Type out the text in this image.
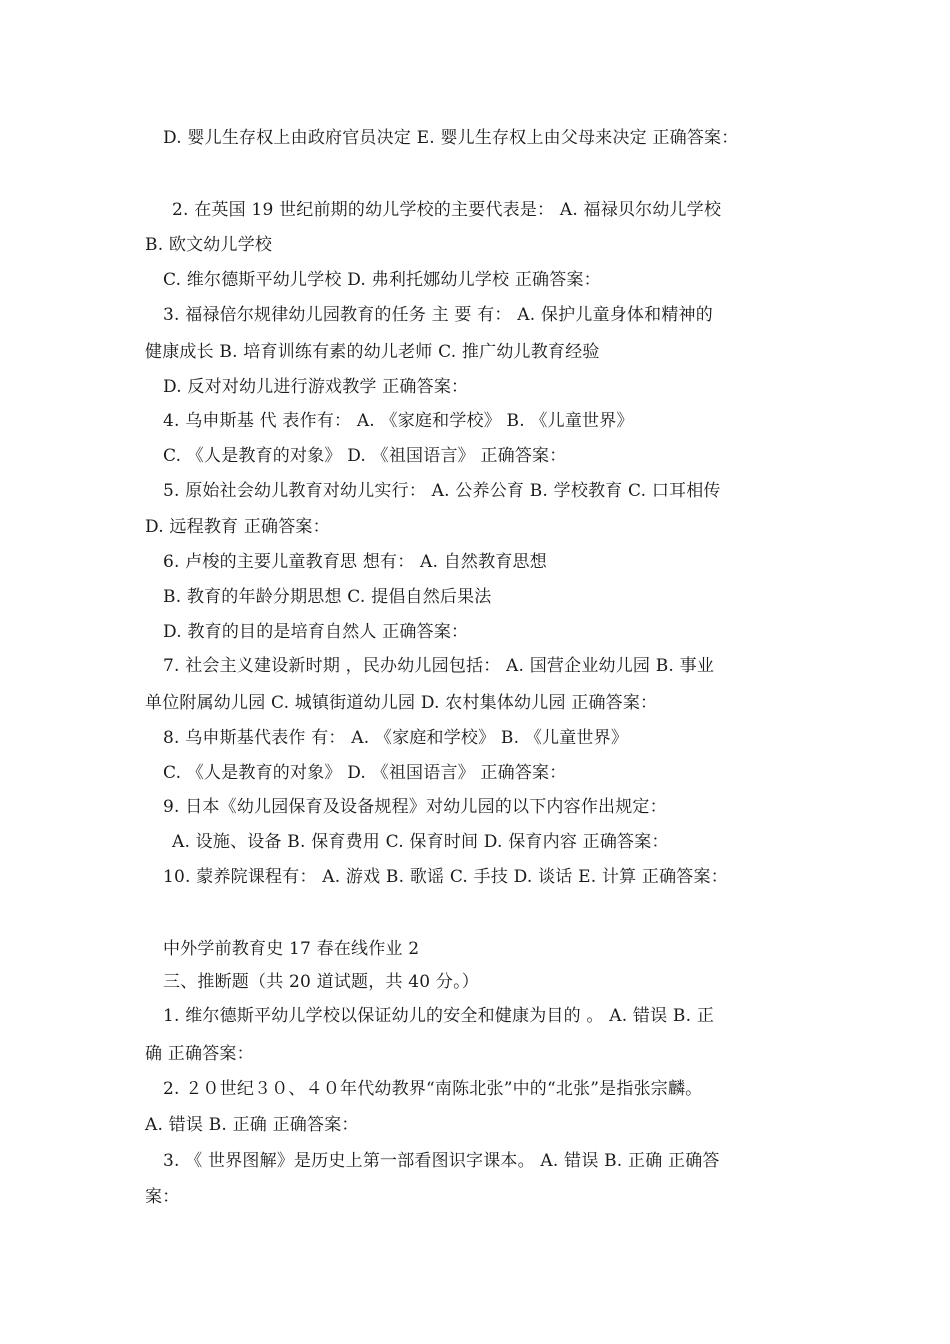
D. 婴儿生存权上由政府官员决定 E. 婴儿生存权上由父母来决定 正确答案：
2. 在英国 19 世纪前期的幼儿学校的主要代表是： A. 福禄贝尔幼儿学校
B. 欧文幼儿学校
C. 维尔德斯平幼儿学校 D. 弗利托娜幼儿学校 正确答案：
3. 福禄倍尔规律幼儿园教育的任务 主 要 有： A. 保护儿童身体和精神的
健康成长 B. 培育训练有素的幼儿老师 C. 推广幼儿教育经验
D. 反对对幼儿进行游戏教学 正确答案：
4. 乌申斯基 代 表作有： A. 《家庭和学校》 B. 《儿童世界》
C. 《人是教育的对象》 D. 《祖国语言》 正确答案：
5. 原始社会幼儿教育对幼儿实行： A. 公养公育 B. 学校教育 C. 口耳相传
D. 远程教育 正确答案：
6. 卢梭的主要儿童教育思 想有： A. 自然教育思想
B. 教育的年龄分期思想 C. 提倡自然后果法
D. 教育的目的是培育自然人 正确答案：
7. 社会主义建设新时期 ，民办幼儿园包括： A. 国营企业幼儿园 B. 事业
单位附属幼儿园 C. 城镇街道幼儿园 D. 农村集体幼儿园 正确答案：
8. 乌申斯基代表作 有： A. 《家庭和学校》 B. 《儿童世界》
C. 《人是教育的对象》 D. 《祖国语言》 正确答案：
9. 日本《幼儿园保育及设备规程》对幼儿园的以下内容作出规定：
A. 设施、设备 B. 保育费用 C. 保育时间 D. 保育内容 正确答案：
10. 蒙养院课程有： A. 游戏 B. 歌谣 C. 手技 D. 谈话 E. 计算 正确答案：
中外学前教育史 17 春在线作业 2
三、推断题（共 20 道试题，共 40 分。）
1. 维尔德斯平幼儿学校以保证幼儿的安全和健康为目的 。 A. 错误 B. 正
确 正确答案：
2. ２０世纪３０、４０年代幼教界“南陈北张”中的“北张”是指张宗麟。
A. 错误 B. 正确 正确答案：
3. 《 世界图解》是历史上第一部看图识字课本。 A. 错误 B. 正确 正确答
案：
